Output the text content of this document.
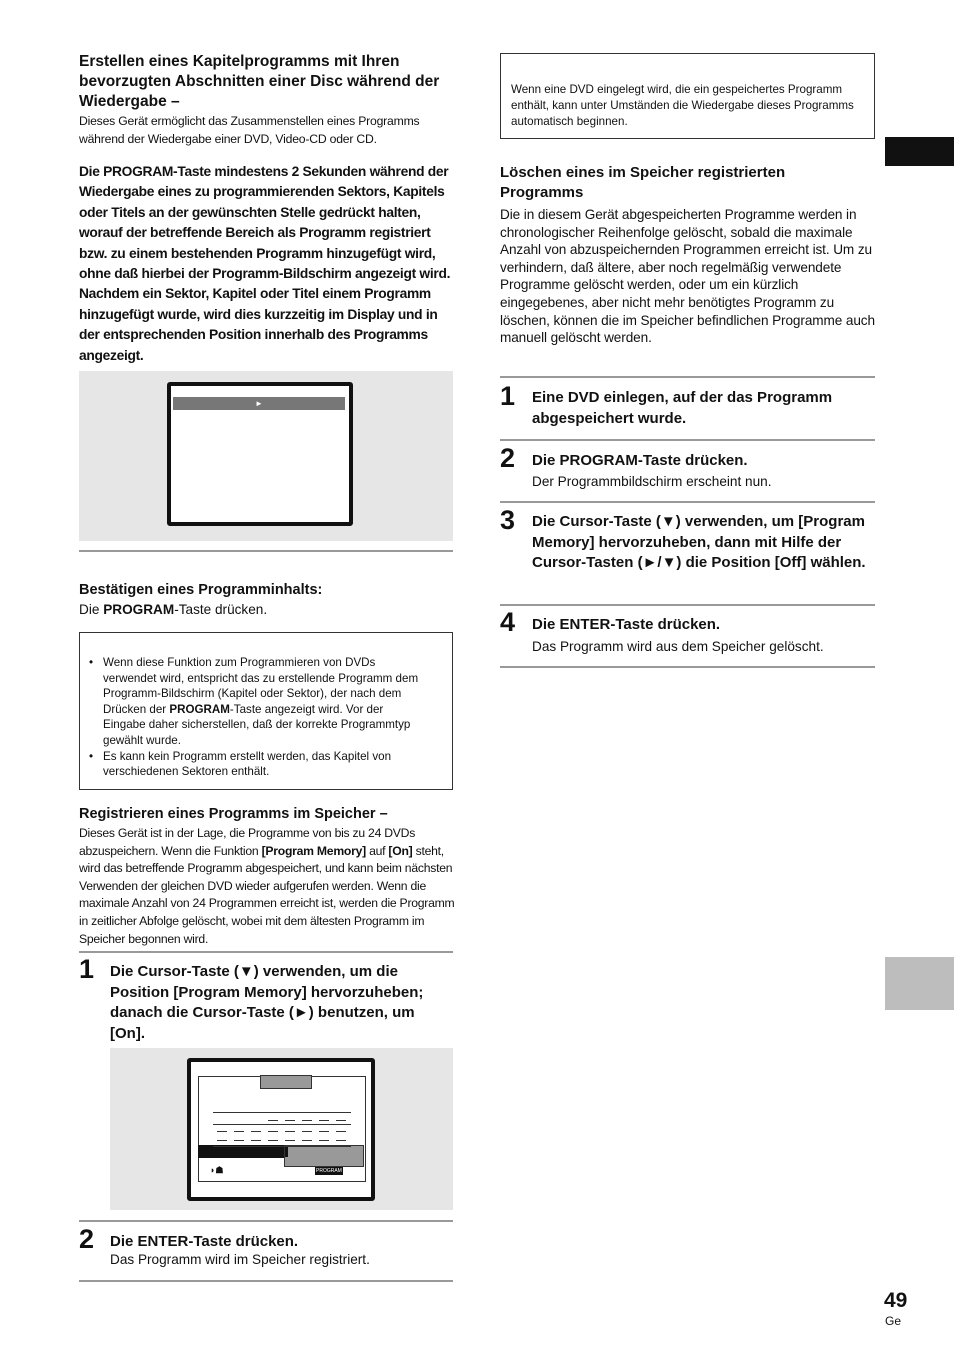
Erstellen eines Kapitelprogramms mit Ihren bevorzugten Abschnitten einer Disc während der Wiedergabe –
Dieses Gerät ermöglicht das Zusammenstellen eines Programms während der Wiedergabe einer DVD, Video-CD oder CD.
Die PROGRAM-Taste mindestens 2 Sekunden während der Wiedergabe eines zu programmierenden Sektors, Kapitels oder Titels an der gewünschten Stelle gedrückt halten, worauf der betreffende Bereich als Programm registriert bzw. zu einem bestehenden Programm hinzugefügt wird, ohne daß hierbei der Programm-Bildschirm angezeigt wird. Nachdem ein Sektor, Kapitel oder Titel einem Programm hinzugefügt wurde, wird dies kurzzeitig im Display und in der entsprechenden Position innerhalb des Programms angezeigt.
►
Bestätigen eines Programminhalts:
Die PROGRAM-Taste drücken.
• Wenn diese Funktion zum Programmieren von DVDs verwendet wird, entspricht das zu erstellende Programm dem Programm-Bildschirm (Kapitel oder Sektor), der nach dem Drücken der PROGRAM-Taste angezeigt wird. Vor der Eingabe daher sicherstellen, daß der korrekte Programmtyp gewählt wurde.
• Es kann kein Programm erstellt werden, das Kapitel von verschiedenen Sektoren enthält.
Registrieren eines Programms im Speicher –
Dieses Gerät ist in der Lage, die Programme von bis zu 24 DVDs abzuspeichern. Wenn die Funktion [Program Memory] auf [On] steht, wird das betreffende Programm abgespeichert, und kann beim nächsten Verwenden der gleichen DVD wieder aufgerufen werden. Wenn die maximale Anzahl von 24 Programmen erreicht ist, werden die Programm in zeitlicher Abfolge gelöscht, wobei mit dem ältesten Programm im Speicher begonnen wird.
1 Die Cursor-Taste (▼) verwenden, um die Position [Program Memory] hervorzuheben; danach die Cursor-Taste (►) benutzen, um [On].
◗☗	PROGRAM
2 Die ENTER-Taste drücken.
Das Programm wird im Speicher registriert.
Wenn eine DVD eingelegt wird, die ein gespeichertes Programm enthält, kann unter Umständen die Wiedergabe dieses Programms automatisch beginnen.
Löschen eines im Speicher registrierten Programms
Die in diesem Gerät abgespeicherten Programme werden in chronologischer Reihenfolge gelöscht, sobald die maximale Anzahl von abzuspeichernden Programmen erreicht ist. Um zu verhindern, daß ältere, aber noch regelmäßig verwendete Programme gelöscht werden, oder um ein kürzlich eingegebenes, aber nicht mehr benötigtes Programm zu löschen, können die im Speicher befindlichen Programme auch manuell gelöscht werden.
1 Eine DVD einlegen, auf der das Programm abgespeichert wurde.
2 Die PROGRAM-Taste drücken.
Der Programmbildschirm erscheint nun.
3 Die Cursor-Taste (▼) verwenden, um [Program Memory] hervorzuheben, dann mit Hilfe der Cursor-Tasten (►/▼) die Position [Off] wählen.
4 Die ENTER-Taste drücken.
Das Programm wird aus dem Speicher gelöscht.
49
Ge
